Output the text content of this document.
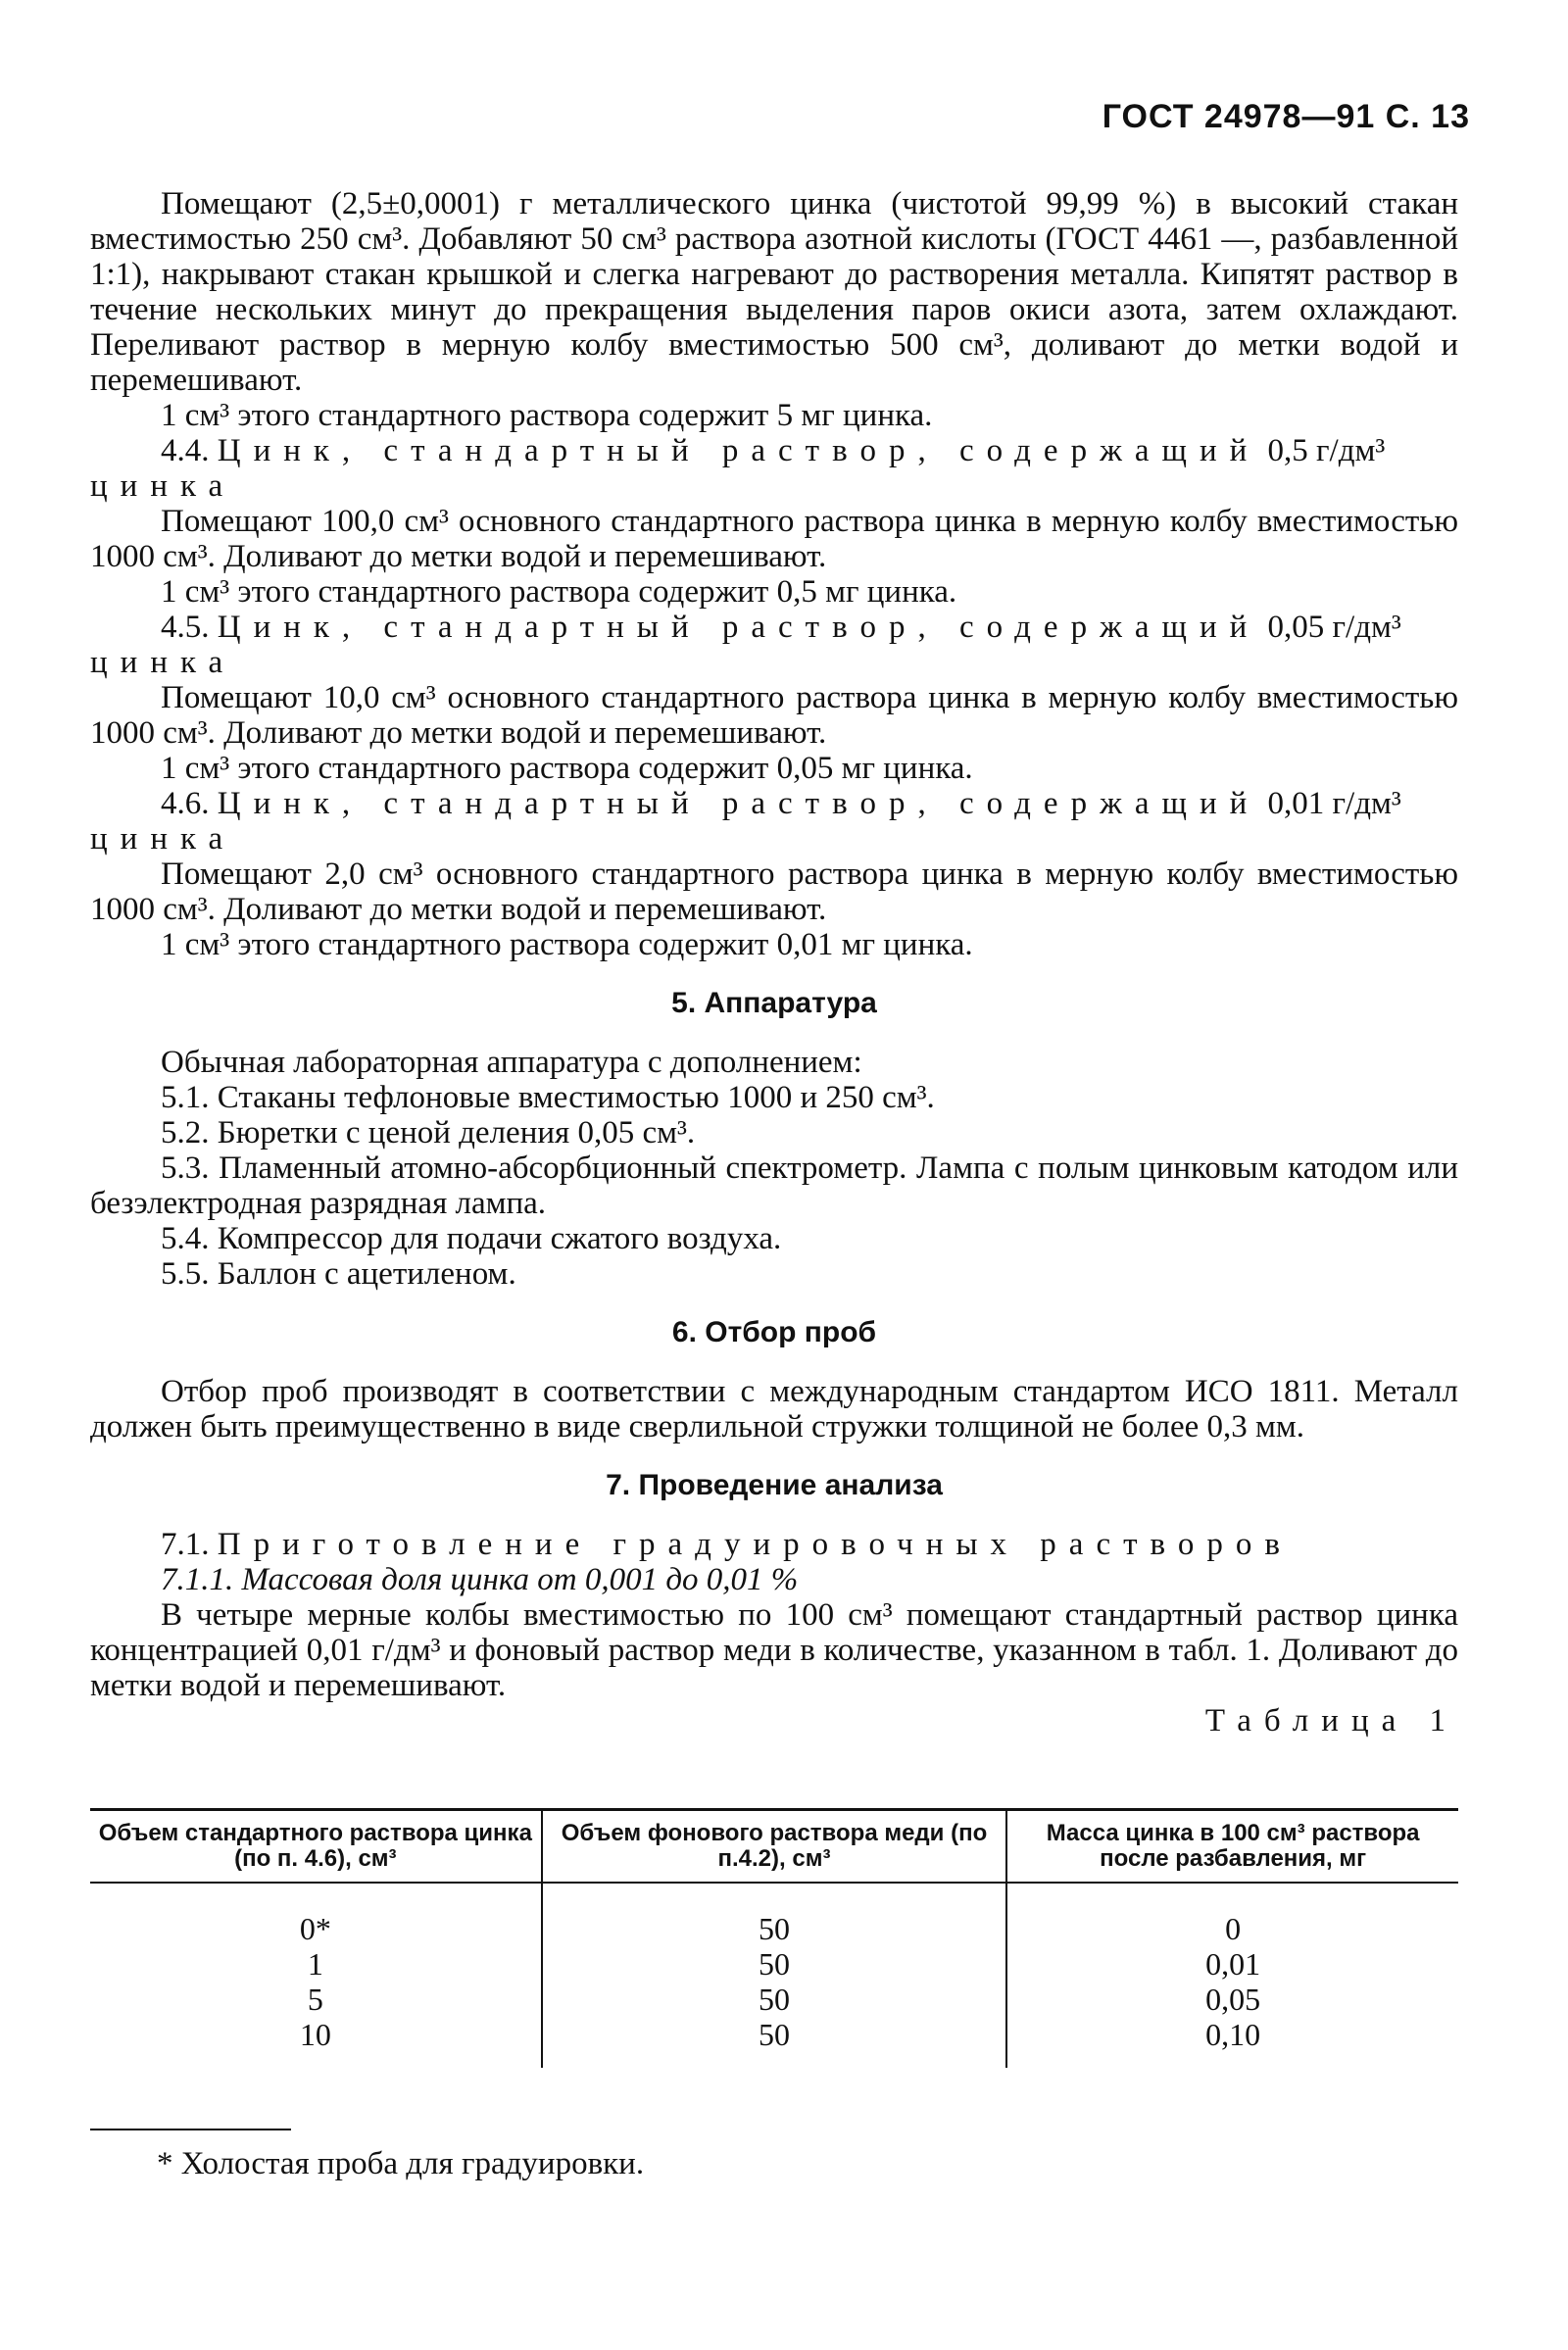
ГОСТ 24978—91 С. 13

Помещают (2,5±0,0001) г металлического цинка (чистотой 99,99 %) в высокий стакан вместимостью 250 см³. Добавляют 50 см³ раствора азотной кислоты (ГОСТ 4461 —, разбавленной 1:1), накрывают стакан крышкой и слегка нагревают до растворения металла. Кипятят раствор в течение нескольких минут до прекращения выделения паров окиси азота, затем охлаждают. Переливают раствор в мерную колбу вместимостью 500 см³, доливают до метки водой и перемешивают.

1 см³ этого стандартного раствора содержит 5 мг цинка.

4.4. Цинк, стандартный раствор, содержащий 0,5 г/дм³

цинка

Помещают 100,0 см³ основного стандартного раствора цинка в мерную колбу вместимостью 1000 см³. Доливают до метки водой и перемешивают.

1 см³ этого стандартного раствора содержит 0,5 мг цинка.

4.5. Цинк, стандартный раствор, содержащий 0,05 г/дм³

цинка

Помещают 10,0 см³ основного стандартного раствора цинка в мерную колбу вместимостью 1000 см³. Доливают до метки водой и перемешивают.

1 см³ этого стандартного раствора содержит 0,05 мг цинка.

4.6. Цинк, стандартный раствор, содержащий 0,01 г/дм³

цинка

Помещают 2,0 см³ основного стандартного раствора цинка в мерную колбу вместимостью 1000 см³. Доливают до метки водой и перемешивают.

1 см³ этого стандартного раствора содержит 0,01 мг цинка.

5. Аппаратура

Обычная лабораторная аппаратура с дополнением:

5.1. Стаканы тефлоновые вместимостью 1000 и 250 см³.

5.2. Бюретки с ценой деления 0,05 см³.

5.3. Пламенный атомно-абсорбционный спектрометр. Лампа с полым цинковым катодом или безэлектродная разрядная лампа.

5.4. Компрессор для подачи сжатого воздуха.

5.5. Баллон с ацетиленом.

6. Отбор проб

Отбор проб производят в соответствии с международным стандартом ИСО 1811. Металл должен быть преимущественно в виде сверлильной стружки толщиной не более 0,3 мм.

7. Проведение анализа

7.1. Приготовление градуировочных растворов

7.1.1. Массовая доля цинка от 0,001 до 0,01 %

В четыре мерные колбы вместимостью по 100 см³ помещают стандартный раствор цинка концентрацией 0,01 г/дм³ и фоновый раствор меди в количестве, указанном в табл. 1. Доливают до метки водой и перемешивают.

Таблица 1

Объем стандартного раствора цинка (по п. 4.6), см³	Объем фонового раствора меди (по п.4.2), см³	Масса цинка в 100 см³ раствора после разбавления, мг
0*	50	0
1	50	0,01
5	50	0,05
10	50	0,10
* Холостая проба для градуировки.
